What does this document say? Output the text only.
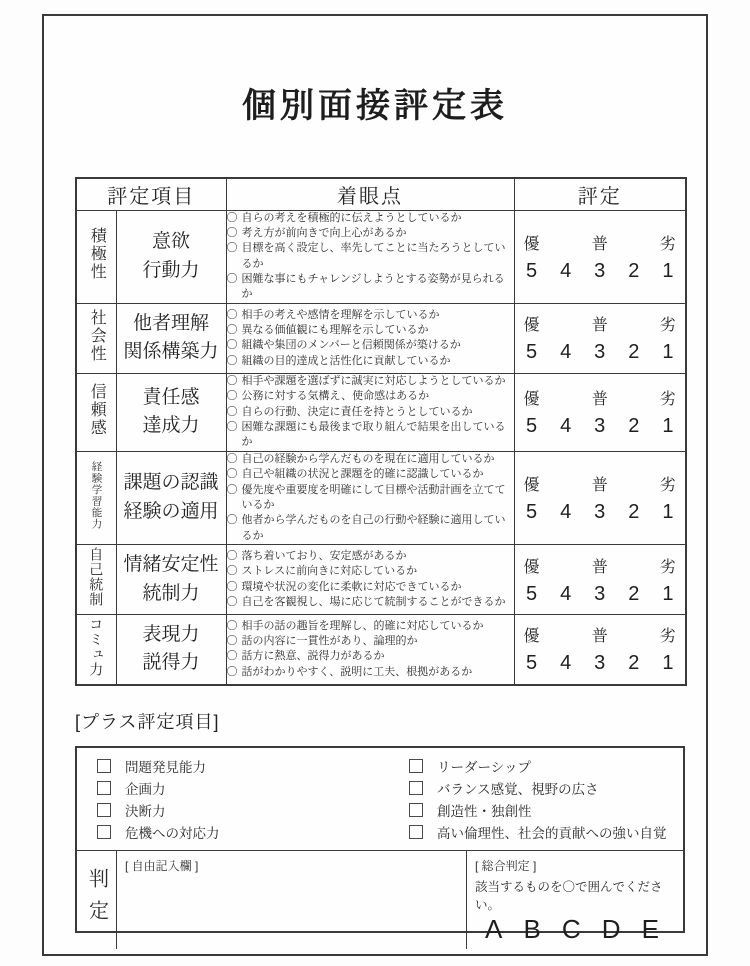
個別面接評定表
評定項目		着眼点	評定
積極性	意欲
行動力

〇 自らの考えを積極的に伝えようとしているか
〇 考え方が前向きで向上心があるか
〇 目標を高く設定し、率先してことに当たろうとしているか
〇 困難な事にもチャレンジしようとする姿勢が見られるか

優	普	劣
5 4 3 2 1

社会性	他者理解
関係構築力

〇 相手の考えや感情を理解を示しているか
〇 異なる価値観にも理解を示しているか
〇 組織や集団のメンバーと信頼関係が築けるか
〇 組織の目的達成と活性化に貢献しているか

優	普	劣
5 4 3 2 1

信頼感	責任感
達成力

〇 相手や課題を選ばずに誠実に対応しようとしているか
〇 公務に対する気構え、使命感はあるか
〇 自らの行動、決定に責任を持とうとしているか
〇 困難な課題にも最後まで取り組んで結果を出しているか

優	普	劣
5 4 3 2 1

経験学習能力	課題の認識
経験の適用

〇 自己の経験から学んだものを現在に適用しているか
〇 自己や組織の状況と課題を的確に認識しているか
〇 優先度や重要度を明確にして目標や活動計画を立てているか
〇 他者から学んだものを自己の行動や経験に適用しているか

優	普	劣
5 4 3 2 1

自己統制	情緒安定性
統制力

〇 落ち着いており、安定感があるか
〇 ストレスに前向きに対応しているか
〇 環境や状況の変化に柔軟に対応できているか
〇 自己を客観視し、場に応じて統制することができるか

優	普	劣
5 4 3 2 1

コミュ力	表現力
説得力

〇 相手の話の趣旨を理解し、的確に対応しているか
〇 話の内容に一貫性があり、論理的か
〇 話方に熱意、説得力があるか
〇 話がわかりやすく、説明に工夫、根拠があるか

優	普	劣
5 4 3 2 1
[プラス評定項目]
問題発見能力
企画力
決断力
危機への対応力
リーダーシップ
バランス感覚、視野の広さ
創造性・独創性
高い倫理性、社会的貢献への強い自覚
判定
[ 自由記入欄 ]	[ 総合判定 ]
該当するものを〇で囲んでください。
A B C D E
